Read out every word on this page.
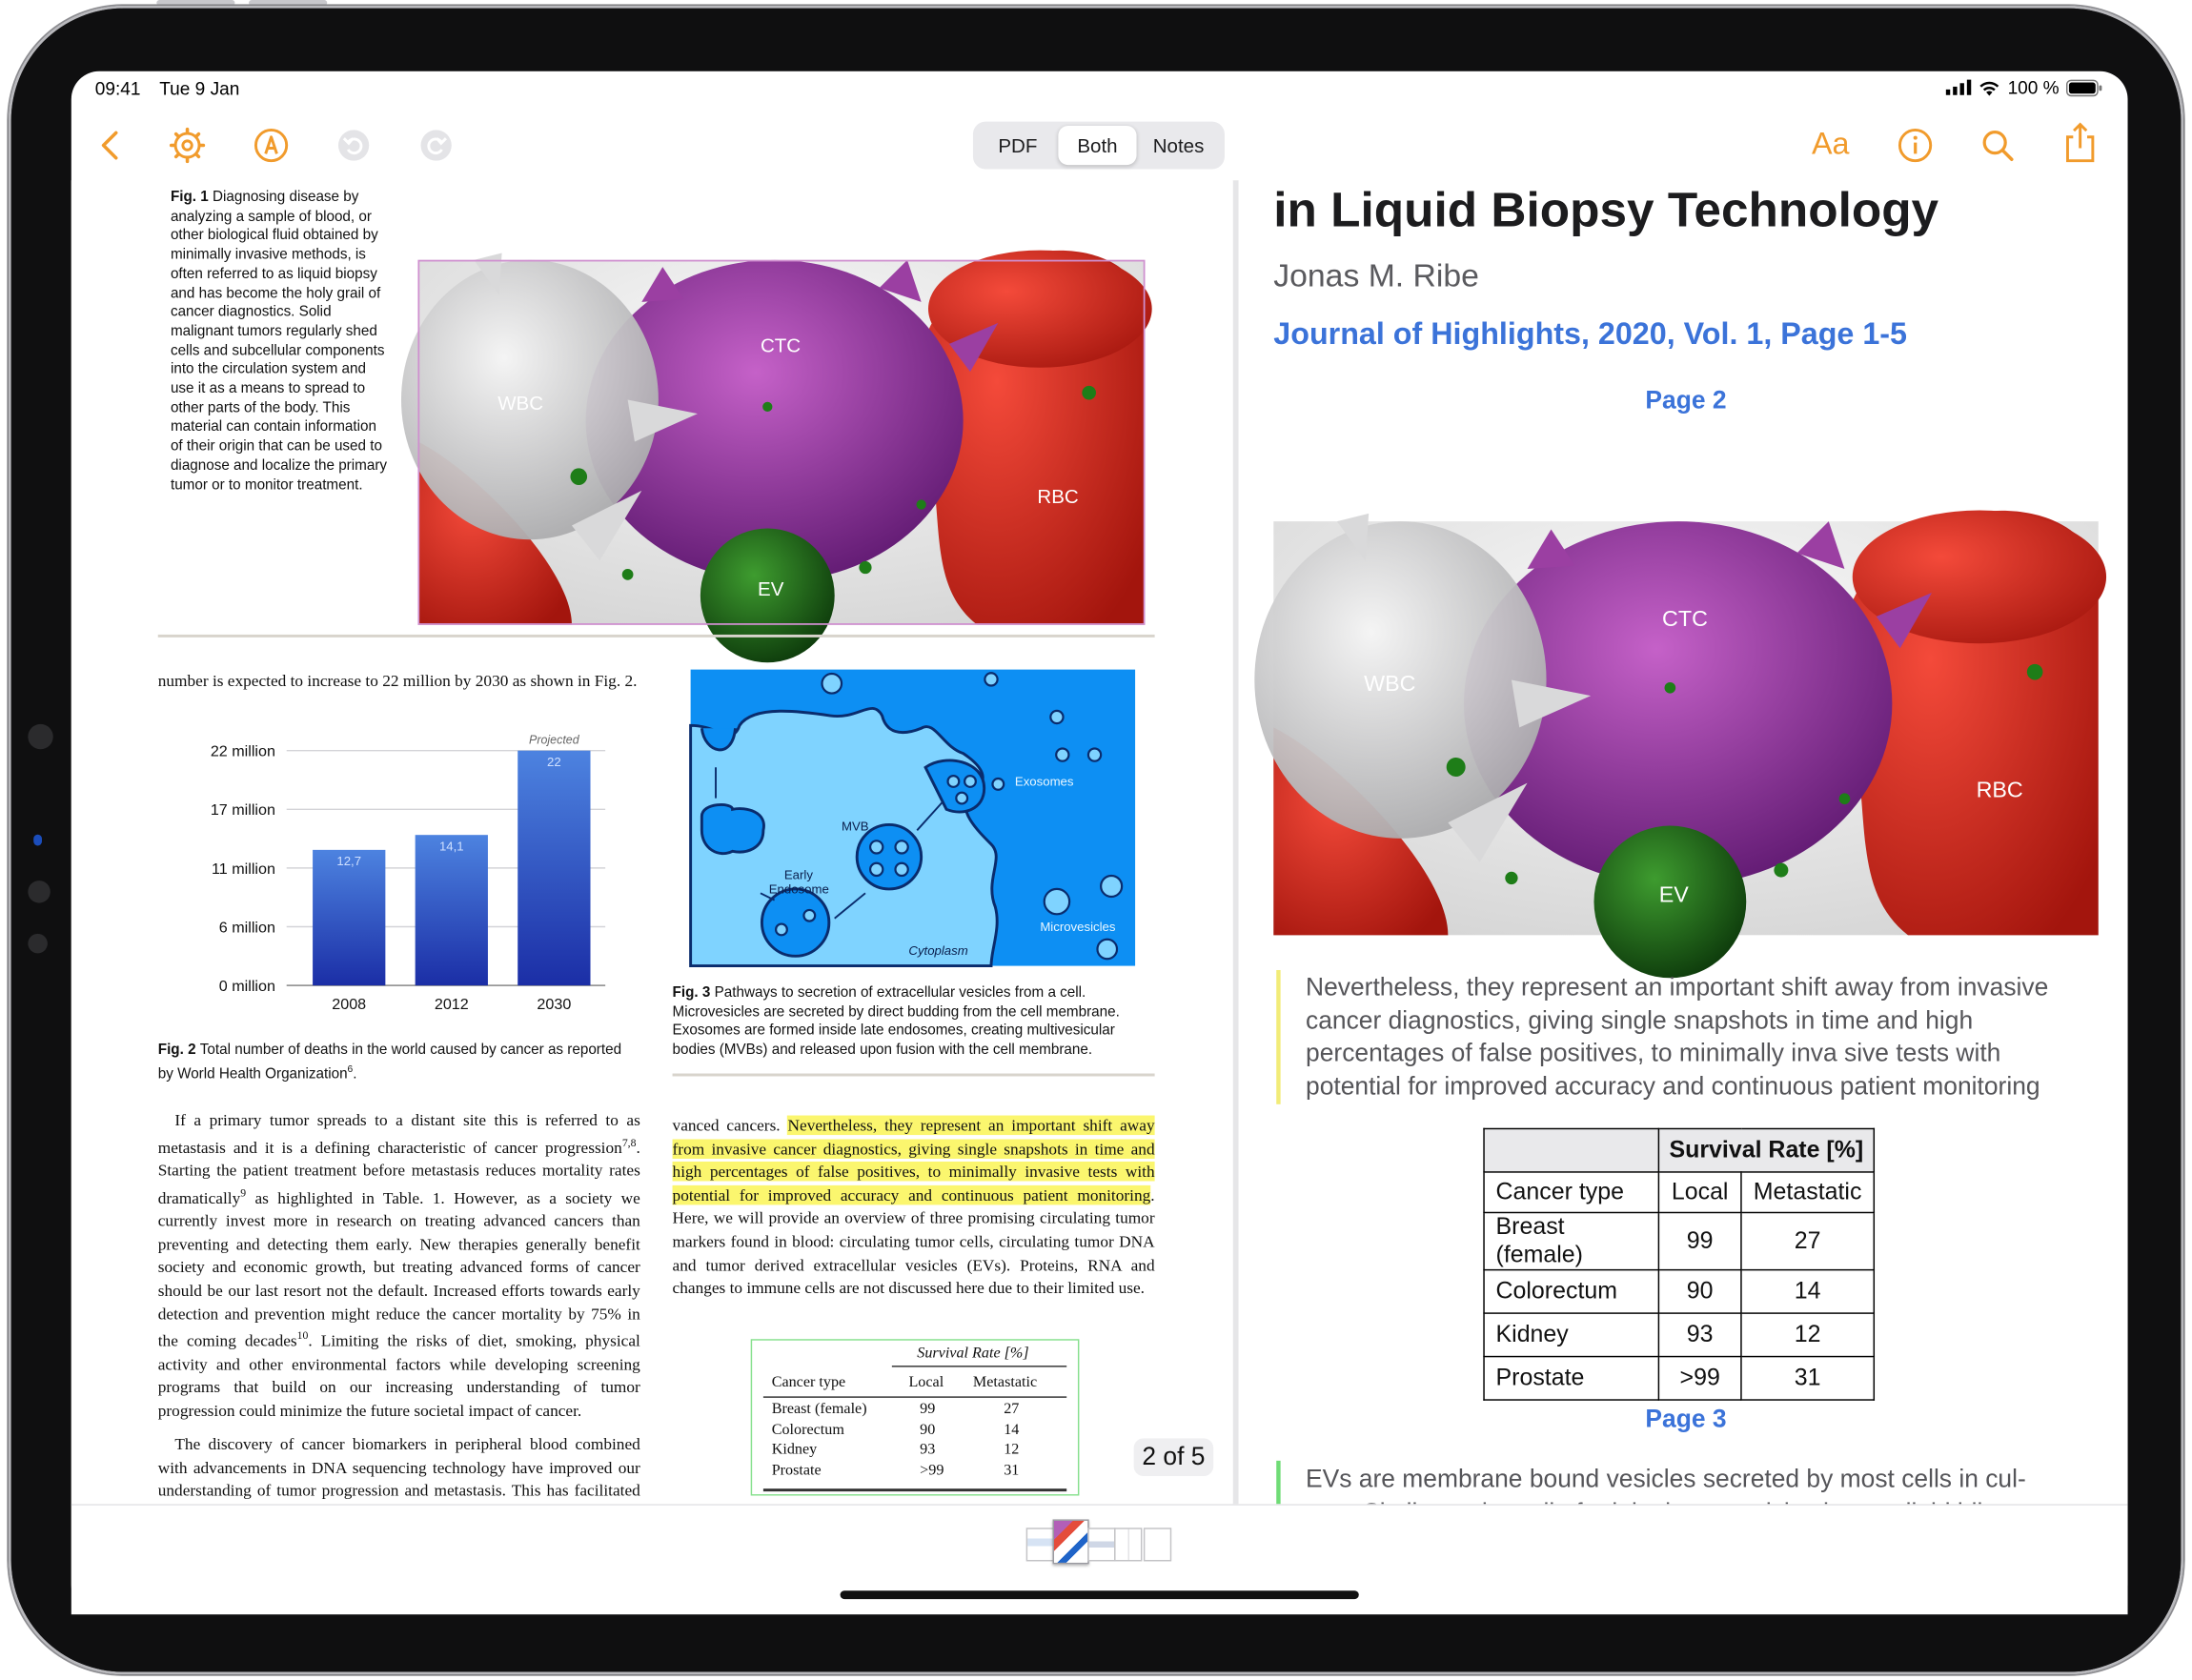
09:41 Tue 9 Jan	100 %
PDF	Both	Notes	Aa
Fig. 1 Diagnosing disease by analyzing a sample of blood, or other biological fluid obtained by minimally invasive methods, is often referred to as liquid biopsy and has become the holy grail of cancer diagnostics. Solid malignant tumors regularly shed cells and subcellular components into the circulation system and use it as a means to spread to other parts of the body. This material can contain information of their origin that can be used to diagnose and localize the primary tumor or to monitor treatment.
WBC
CTC
RBC
EV
number is expected to increase to 22 million by 2030 as shown in Fig. 2.
12,7
14,1
22
Projected
0 million
6 million
11 million
17 million
22 million
2008	2012	2030
Fig. 2 Total number of deaths in the world caused by cancer as reported by World Health Organization$^6$.
MVB
Exosomes
Early
Endosome
Microvesicles
Cytoplasm
Fig. 3 Pathways to secretion of extracellular vesicles from a cell. Microvesicles are secreted by direct budding from the cell membrane. Exosomes are formed inside late endosomes, creating multivesicular bodies (MVBs) and released upon fusion with the cell membrane.
If a primary tumor spreads to a distant site this is referred to as metastasis and it is a defining characteristic of cancer progression$^{7,8}$. Starting the patient treatment before metastasis reduces mortality rates dramatically$^9$ as highlighted in Table. 1. However, as a society we currently invest more in research on treating advanced cancers than preventing and detecting them early. New therapies generally benefit society and economic growth, but treating advanced forms of cancer should be our last resort not the default. Increased efforts towards early detection and prevention might reduce the cancer mortality by 75% in the coming decades$^{10}$. Limiting the risks of diet, smoking, physical activity and other environmental factors while developing screening programs that build on our increasing understanding of tumor progression could minimize the future societal impact of cancer.
The discovery of cancer biomarkers in peripheral blood combined with advancements in DNA sequencing technology have improved our understanding of tumor progression and metastasis. This has facilitated
vanced cancers. Nevertheless, they represent an important shift away from invasive cancer diagnostics, giving single snapshots in time and high percentages of false positives, to minimally invasive tests with potential for improved accuracy and continuous patient monitoring. Here, we will provide an overview of three promising circulating tumor markers found in blood: circulating tumor cells, circulating tumor DNA and tumor derived extracellular vesicles (EVs). Proteins, RNA and changes to immune cells are not discussed here due to their limited use.
Survival Rate [%]
Cancer type	Local	Metastatic
Breast (female)	99	27
Colorectum	90	14
Kidney	93	12
Prostate	>99	31
	2 of 5
in Liquid Biopsy Technology
Jonas M. Ribe
Journal of Highlights, 2020, Vol. 1, Page 1-5
Page 2
WBC
CTC
RBC
EV
Nevertheless, they represent an important shift away from invasive cancer diagnostics, giving single snapshots in time and high percentages of false positives, to minimally inva sive tests with potential for improved accuracy and continuous patient monitoring
	Survival Rate [%]	
Cancer type	Local	Metastatic
Breast (female)	99	27
Colorectum	90	14
Kidney	93	12
Prostate	>99	31
Page 3
EVs are membrane bound vesicles secreted by most cells in cul-
